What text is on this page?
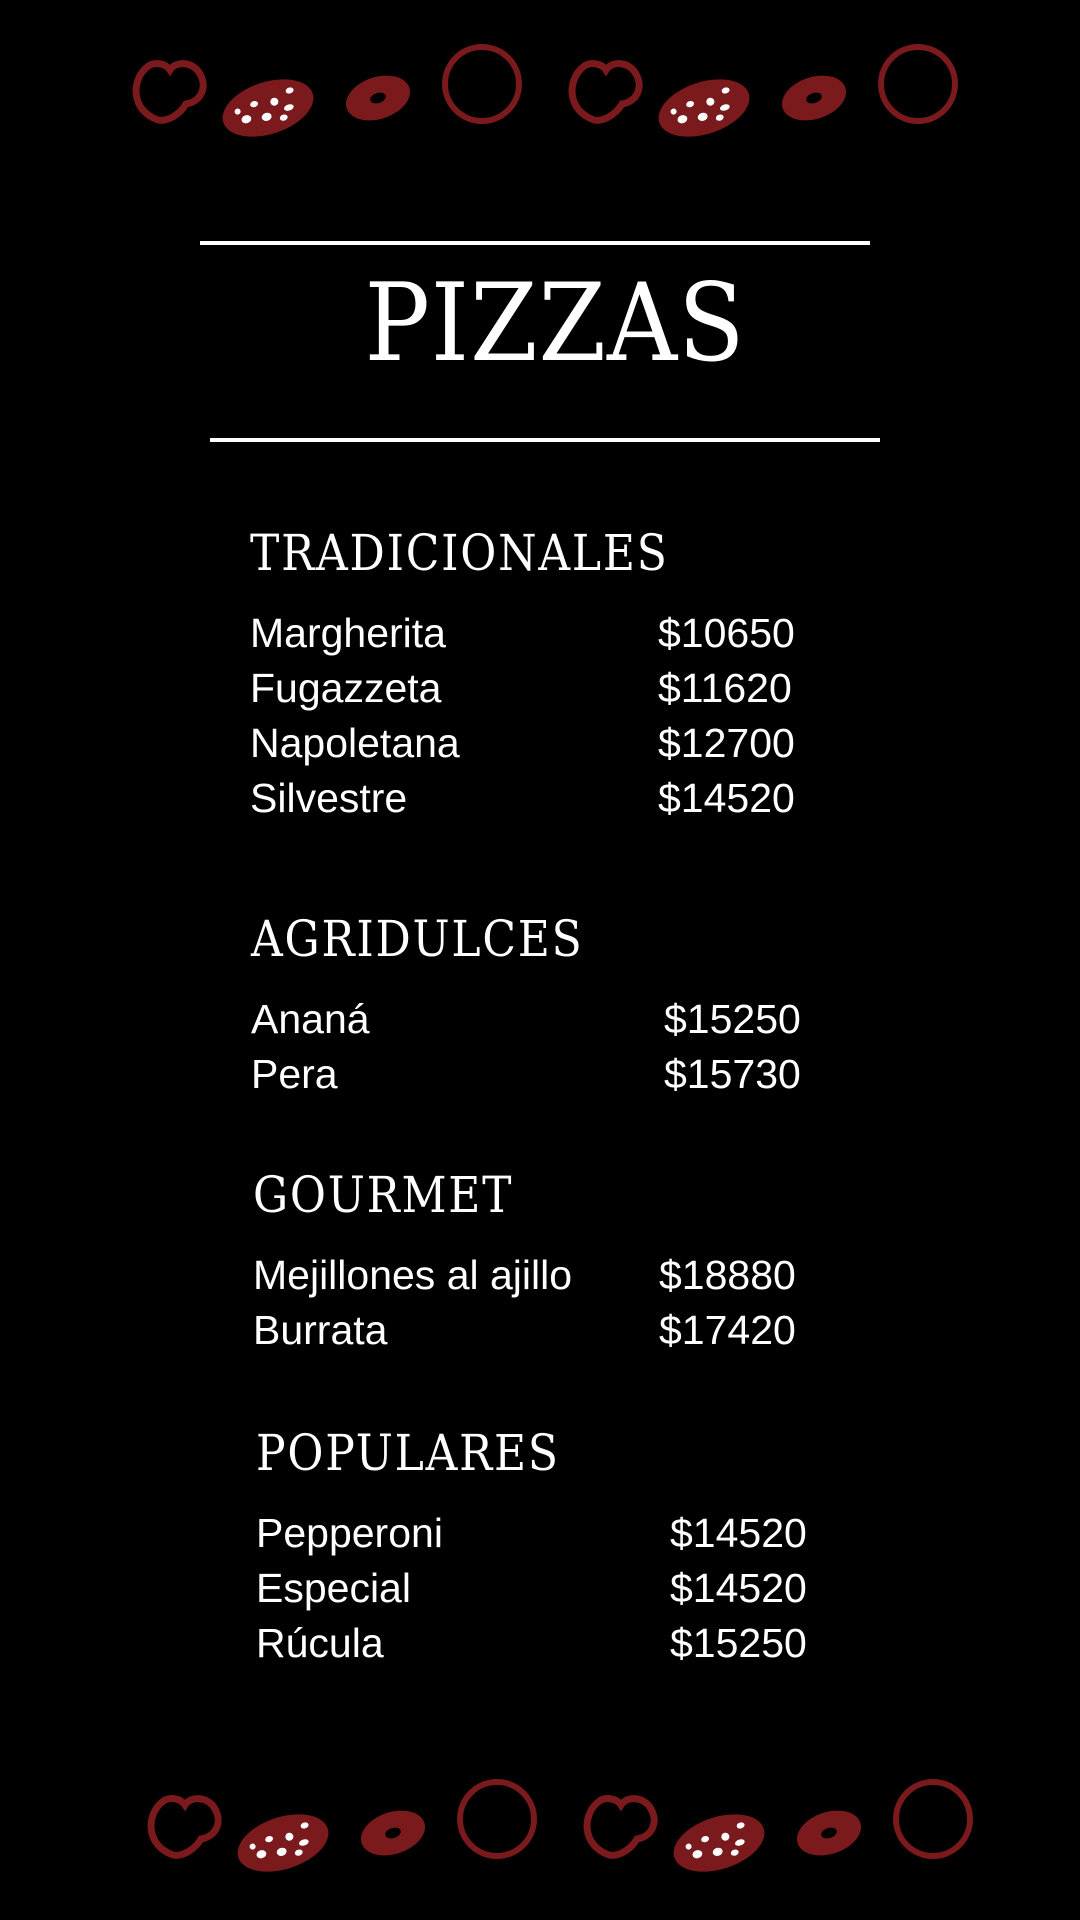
PIZZAS
TRADICIONALES
Margherita	$10650
Fugazzeta	$11620
Napoletana	$12700
Silvestre	$14520
AGRIDULCES
Ananá	$15250
Pera	$15730
GOURMET
Mejillones al ajillo $18880
Burrata	$17420
POPULARES
Pepperoni	$14520
Especial	$14520
Rúcula	$15250
